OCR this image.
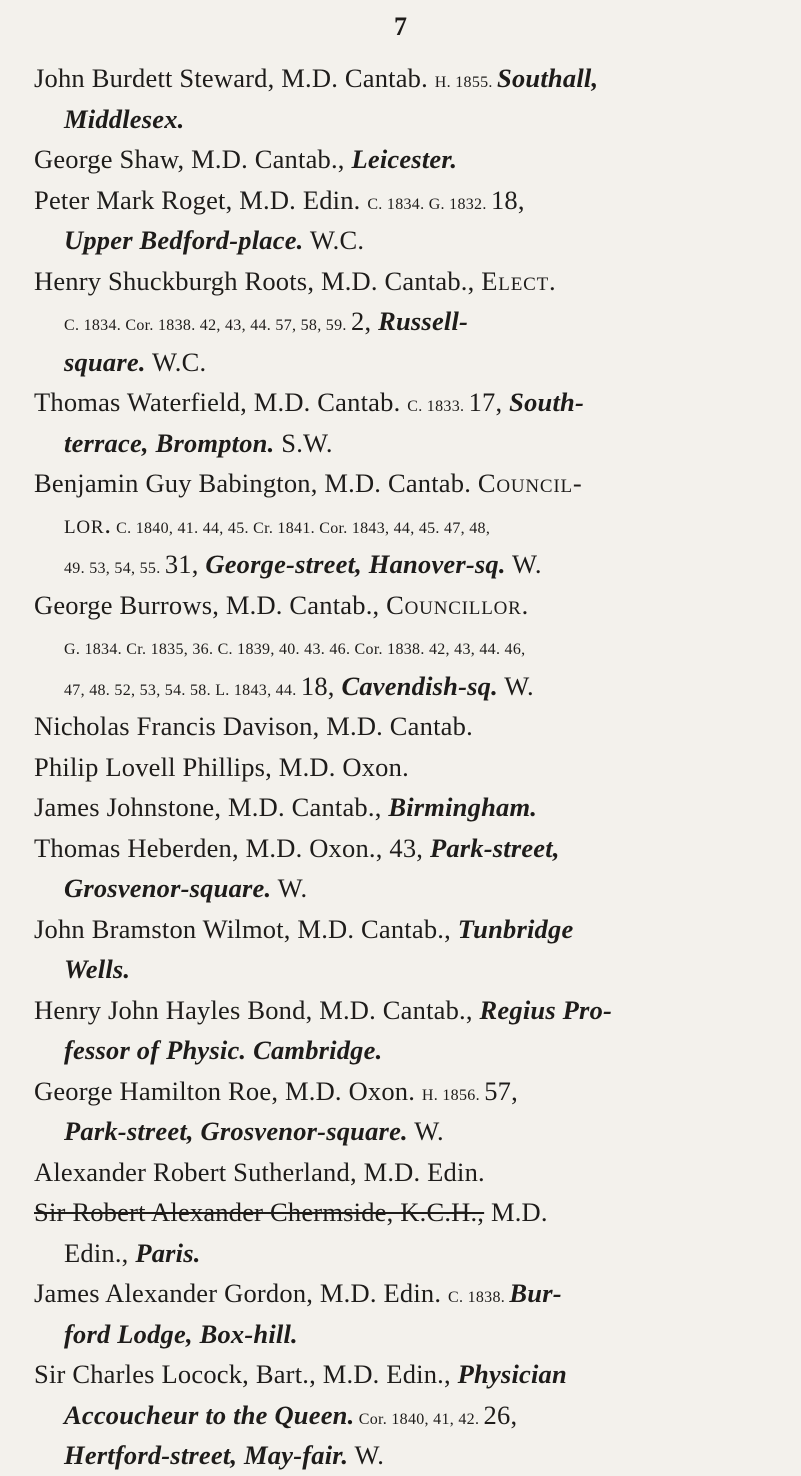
7
John Burdett Steward, M.D. Cantab. H. 1855. Southall,
Middlesex.
George Shaw, M.D. Cantab., Leicester.
Peter Mark Roget, M.D. Edin. C. 1834. G. 1832. 18,
Upper Bedford-place. W.C.
Henry Shuckburgh Roots, M.D. Cantab., Elect.
C. 1834. Cor. 1838. 42, 43, 44. 57, 58, 59. 2, Russell-
square. W.C.
Thomas Waterfield, M.D. Cantab. C. 1833. 17, South-
terrace, Brompton. S.W.
Benjamin Guy Babington, M.D. Cantab. Council-
lor. C. 1840, 41. 44, 45. Cr. 1841. Cor. 1843, 44, 45. 47, 48,
49. 53, 54, 55. 31, George-street, Hanover-sq. W.
George Burrows, M.D. Cantab., Councillor.
G. 1834. Cr. 1835, 36. C. 1839, 40. 43. 46. Cor. 1838. 42, 43, 44. 46,
47, 48. 52, 53, 54. 58. L. 1843, 44. 18, Cavendish-sq. W.
Nicholas Francis Davison, M.D. Cantab.
Philip Lovell Phillips, M.D. Oxon.
James Johnstone, M.D. Cantab., Birmingham.
Thomas Heberden, M.D. Oxon., 43, Park-street,
Grosvenor-square. W.
John Bramston Wilmot, M.D. Cantab., Tunbridge
Wells.
Henry John Hayles Bond, M.D. Cantab., Regius Pro-
fessor of Physic. Cambridge.
George Hamilton Roe, M.D. Oxon. H. 1856. 57,
Park-street, Grosvenor-square. W.
Alexander Robert Sutherland, M.D. Edin.
Sir Robert Alexander Chermside, K.C.H., M.D.
Edin., Paris.
James Alexander Gordon, M.D. Edin. C. 1838. Bur-
ford Lodge, Box-hill.
Sir Charles Locock, Bart., M.D. Edin., Physician
Accoucheur to the Queen. Cor. 1840, 41, 42. 26,
Hertford-street, May-fair. W.
